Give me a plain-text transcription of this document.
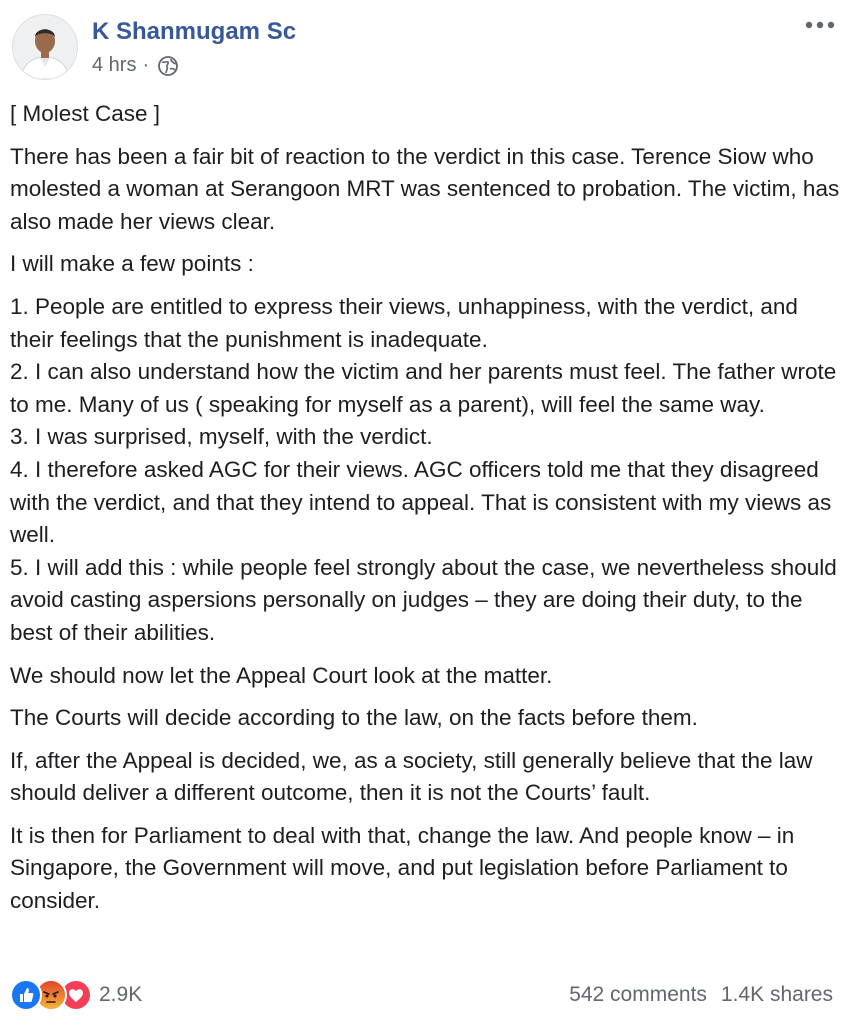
K Shanmugam Sc
4 hrs ·

[ Molest Case ]

There has been a fair bit of reaction to the verdict in this case. Terence Siow who molested a woman at Serangoon MRT was sentenced to probation. The victim, has also made her views clear.

I will make a few points :

1. People are entitled to express their views, unhappiness, with the verdict, and their feelings that the punishment is inadequate.
2. I can also understand how the victim and her parents must feel. The father wrote to me. Many of us ( speaking for myself as a parent), will feel the same way.
3. I was surprised, myself, with the verdict.
4. I therefore asked AGC for their views. AGC officers told me that they disagreed with the verdict, and that they intend to appeal. That is consistent with my views as well.
5. I will add this : while people feel strongly about the case, we nevertheless should avoid casting aspersions personally on judges – they are doing their duty, to the best of their abilities.

We should now let the Appeal Court look at the matter.

The Courts will decide according to the law, on the facts before them.

If, after the Appeal is decided, we, as a society, still generally believe that the law should deliver a different outcome, then it is not the Courts’ fault.

It is then for Parliament to deal with that, change the law. And people know – in Singapore, the Government will move, and put legislation before Parliament to consider.

2.9K	542 comments 1.4K shares
